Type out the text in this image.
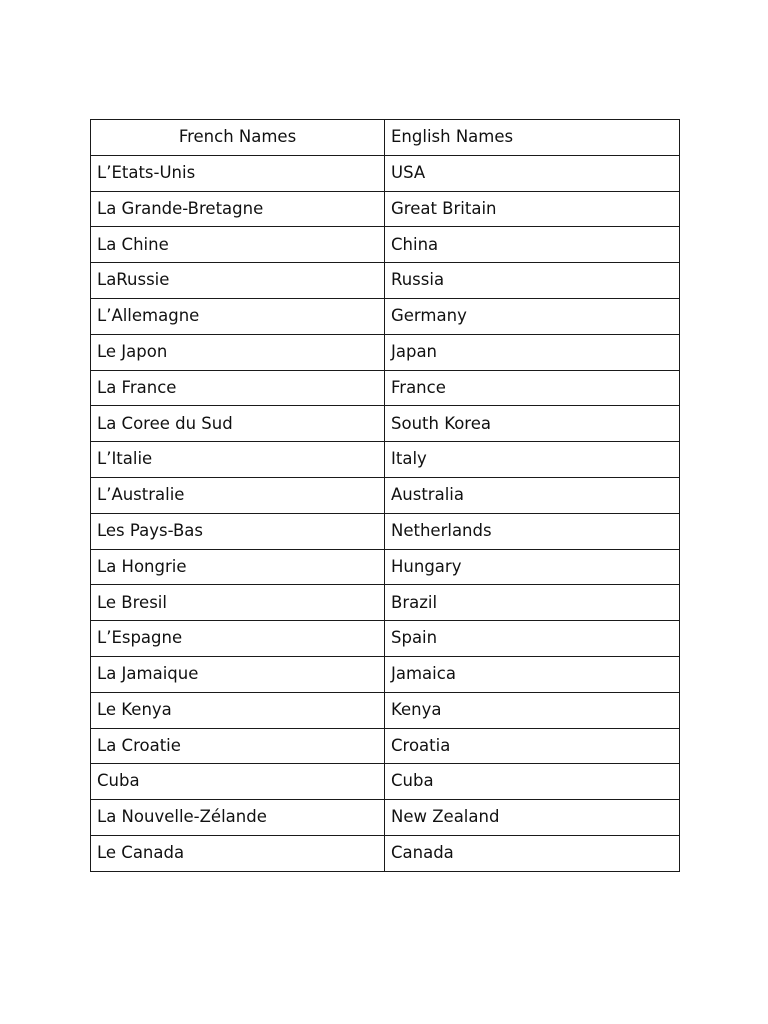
French Names	English Names
L’Etats-Unis	USA
La Grande-Bretagne	Great Britain
La Chine	China
LaRussie	Russia
L’Allemagne	Germany
Le Japon	Japan
La France	France
La Coree du Sud	South Korea
L’Italie	Italy
L’Australie	Australia
Les Pays-Bas	Netherlands
La Hongrie	Hungary
Le Bresil	Brazil
L’Espagne	Spain
La Jamaique	Jamaica
Le Kenya	Kenya
La Croatie	Croatia
Cuba	Cuba
La Nouvelle-Zélande	New Zealand
Le Canada	Canada
